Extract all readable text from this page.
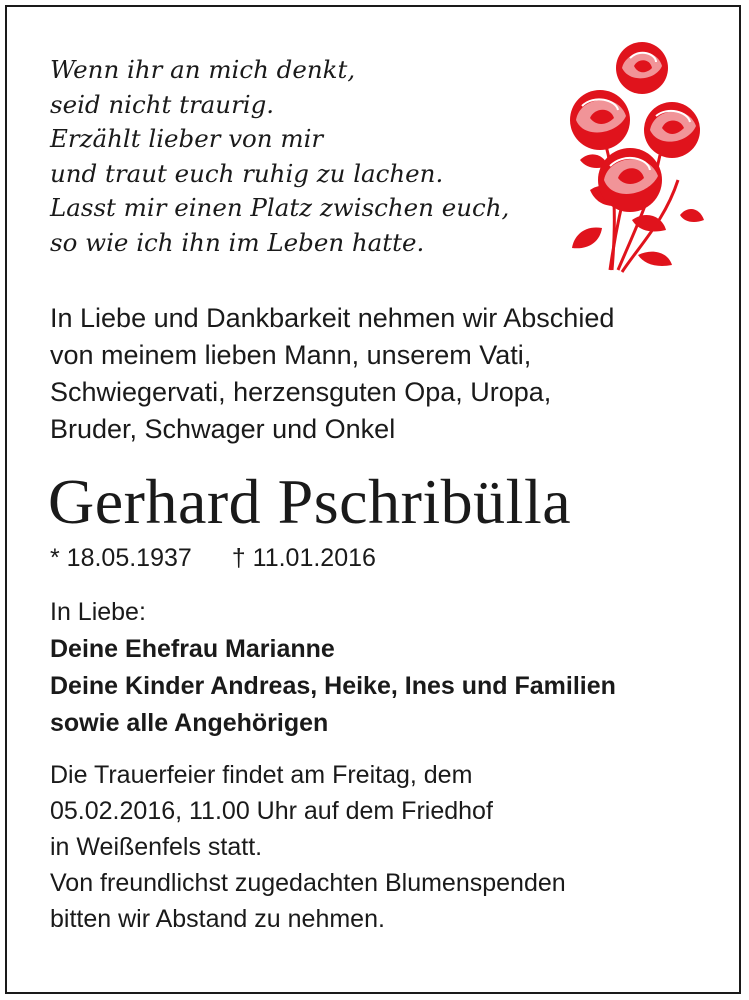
Wenn ihr an mich denkt,
seid nicht traurig.
Erzählt lieber von mir
und traut euch ruhig zu lachen.
Lasst mir einen Platz zwischen euch,
so wie ich ihn im Leben hatte.
In Liebe und Dankbarkeit nehmen wir Abschied
von meinem lieben Mann, unserem Vati,
Schwiegervati, herzensguten Opa, Uropa,
Bruder, Schwager und Onkel
Gerhard Pschribülla
* 18.05.1937 † 11.01.2016
In Liebe:
Deine Ehefrau Marianne
Deine Kinder Andreas, Heike, Ines und Familien
sowie alle Angehörigen
Die Trauerfeier findet am Freitag, dem
05.02.2016, 11.00 Uhr auf dem Friedhof
in Weißenfels statt.
Von freundlichst zugedachten Blumenspenden
bitten wir Abstand zu nehmen.
